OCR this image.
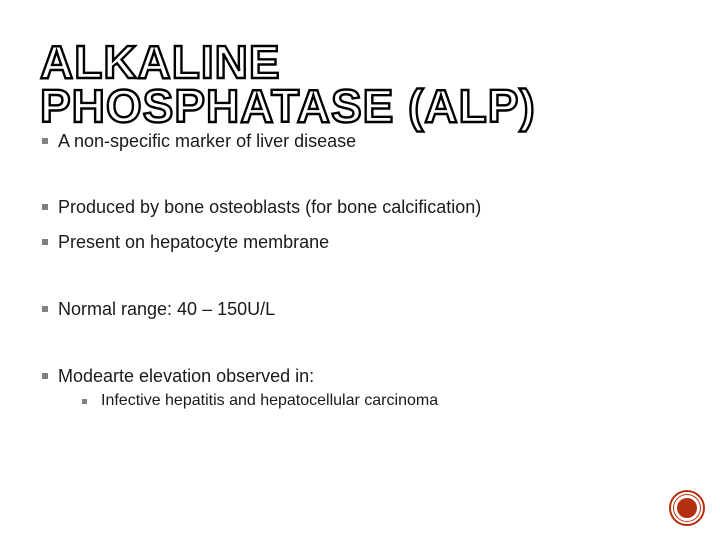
ALKALINE PHOSPHATASE (ALP)
A non-specific marker of liver disease
Produced by bone osteoblasts (for bone calcification)
Present on hepatocyte membrane
Normal range: 40 – 150U/L
Modearte elevation observed in:
Infective hepatitis and hepatocellular carcinoma
